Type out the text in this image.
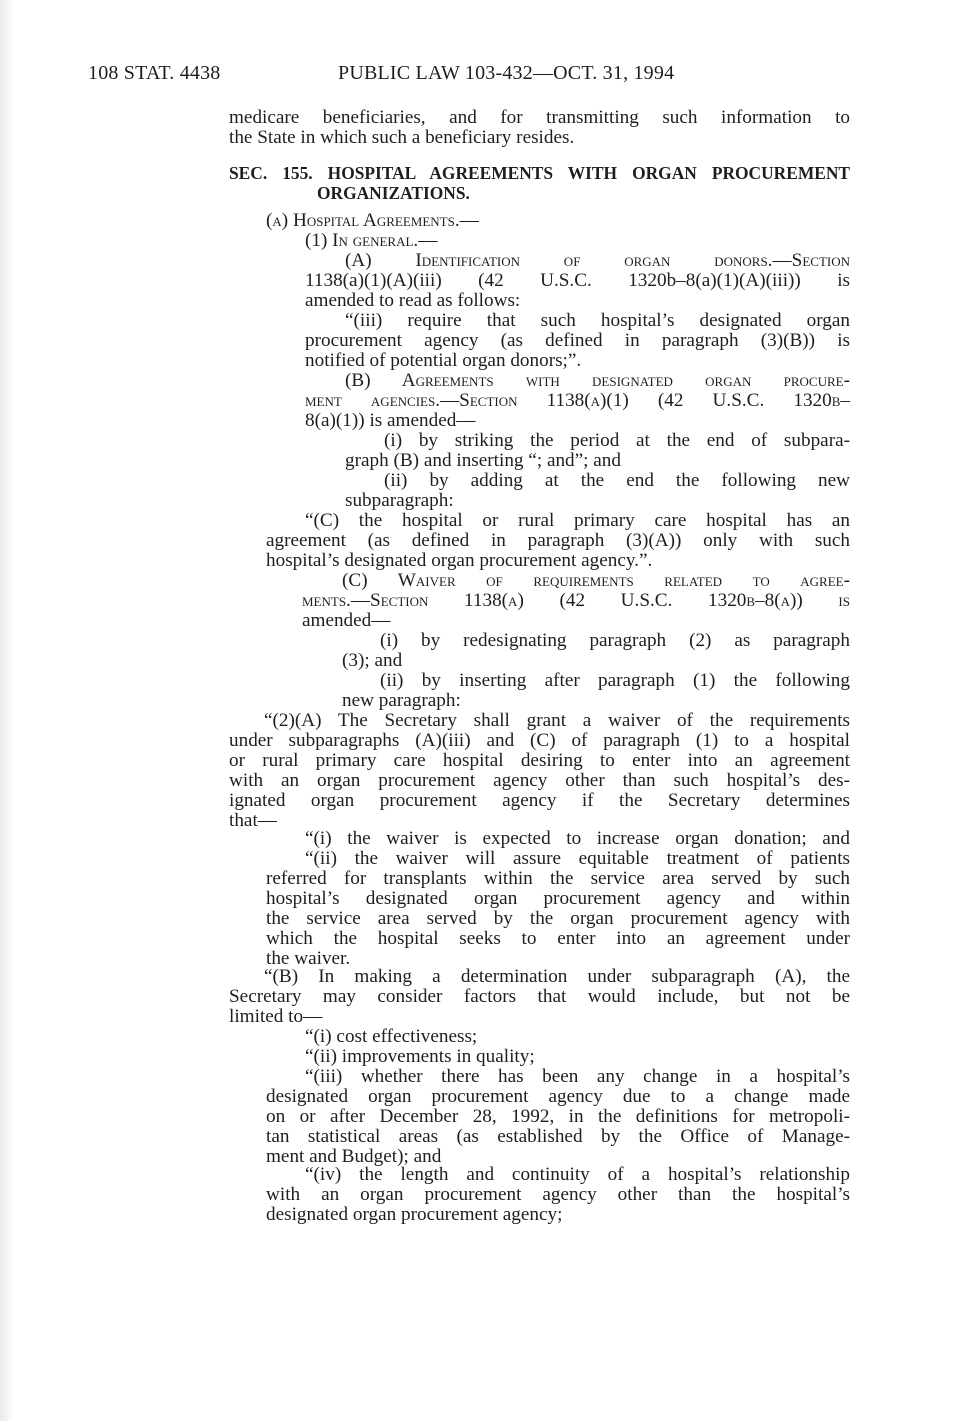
108 STAT. 4438	PUBLIC LAW 103-432—OCT. 31, 1994
medicare beneficiaries, and for transmitting such information to
the State in which such a beneficiary resides.
SEC. 155. HOSPITAL AGREEMENTS WITH ORGAN PROCUREMENT
ORGANIZATIONS.
(a) Hospital Agreements.—
(1) In general.—
(A) Identification of organ donors.—Section
1138(a)(1)(A)(iii) (42 U.S.C. 1320b–8(a)(1)(A)(iii)) is
amended to read as follows:
“(iii) require that such hospital’s designated organ
procurement agency (as defined in paragraph (3)(B)) is
notified of potential organ donors;”.
(B) Agreements with designated organ procure-
ment agencies.—Section 1138(a)(1) (42 U.S.C. 1320b–
8(a)(1)) is amended—
(i) by striking the period at the end of subpara-
graph (B) and inserting “; and”; and
(ii) by adding at the end the following new
subparagraph:
“(C) the hospital or rural primary care hospital has an
agreement (as defined in paragraph (3)(A)) only with such
hospital’s designated organ procurement agency.”.
(C) Waiver of requirements related to agree-
ments.—Section 1138(a) (42 U.S.C. 1320b–8(a)) is
amended—
(i) by redesignating paragraph (2) as paragraph
(3); and
(ii) by inserting after paragraph (1) the following
new paragraph:
“(2)(A) The Secretary shall grant a waiver of the requirements
under subparagraphs (A)(iii) and (C) of paragraph (1) to a hospital
or rural primary care hospital desiring to enter into an agreement
with an organ procurement agency other than such hospital’s des-
ignated organ procurement agency if the Secretary determines
that—
“(i) the waiver is expected to increase organ donation; and
“(ii) the waiver will assure equitable treatment of patients
referred for transplants within the service area served by such
hospital’s designated organ procurement agency and within
the service area served by the organ procurement agency with
which the hospital seeks to enter into an agreement under
the waiver.
“(B) In making a determination under subparagraph (A), the
Secretary may consider factors that would include, but not be
limited to—
“(i) cost effectiveness;
“(ii) improvements in quality;
“(iii) whether there has been any change in a hospital’s
designated organ procurement agency due to a change made
on or after December 28, 1992, in the definitions for metropoli-
tan statistical areas (as established by the Office of Manage-
ment and Budget); and
“(iv) the length and continuity of a hospital’s relationship
with an organ procurement agency other than the hospital’s
designated organ procurement agency;
